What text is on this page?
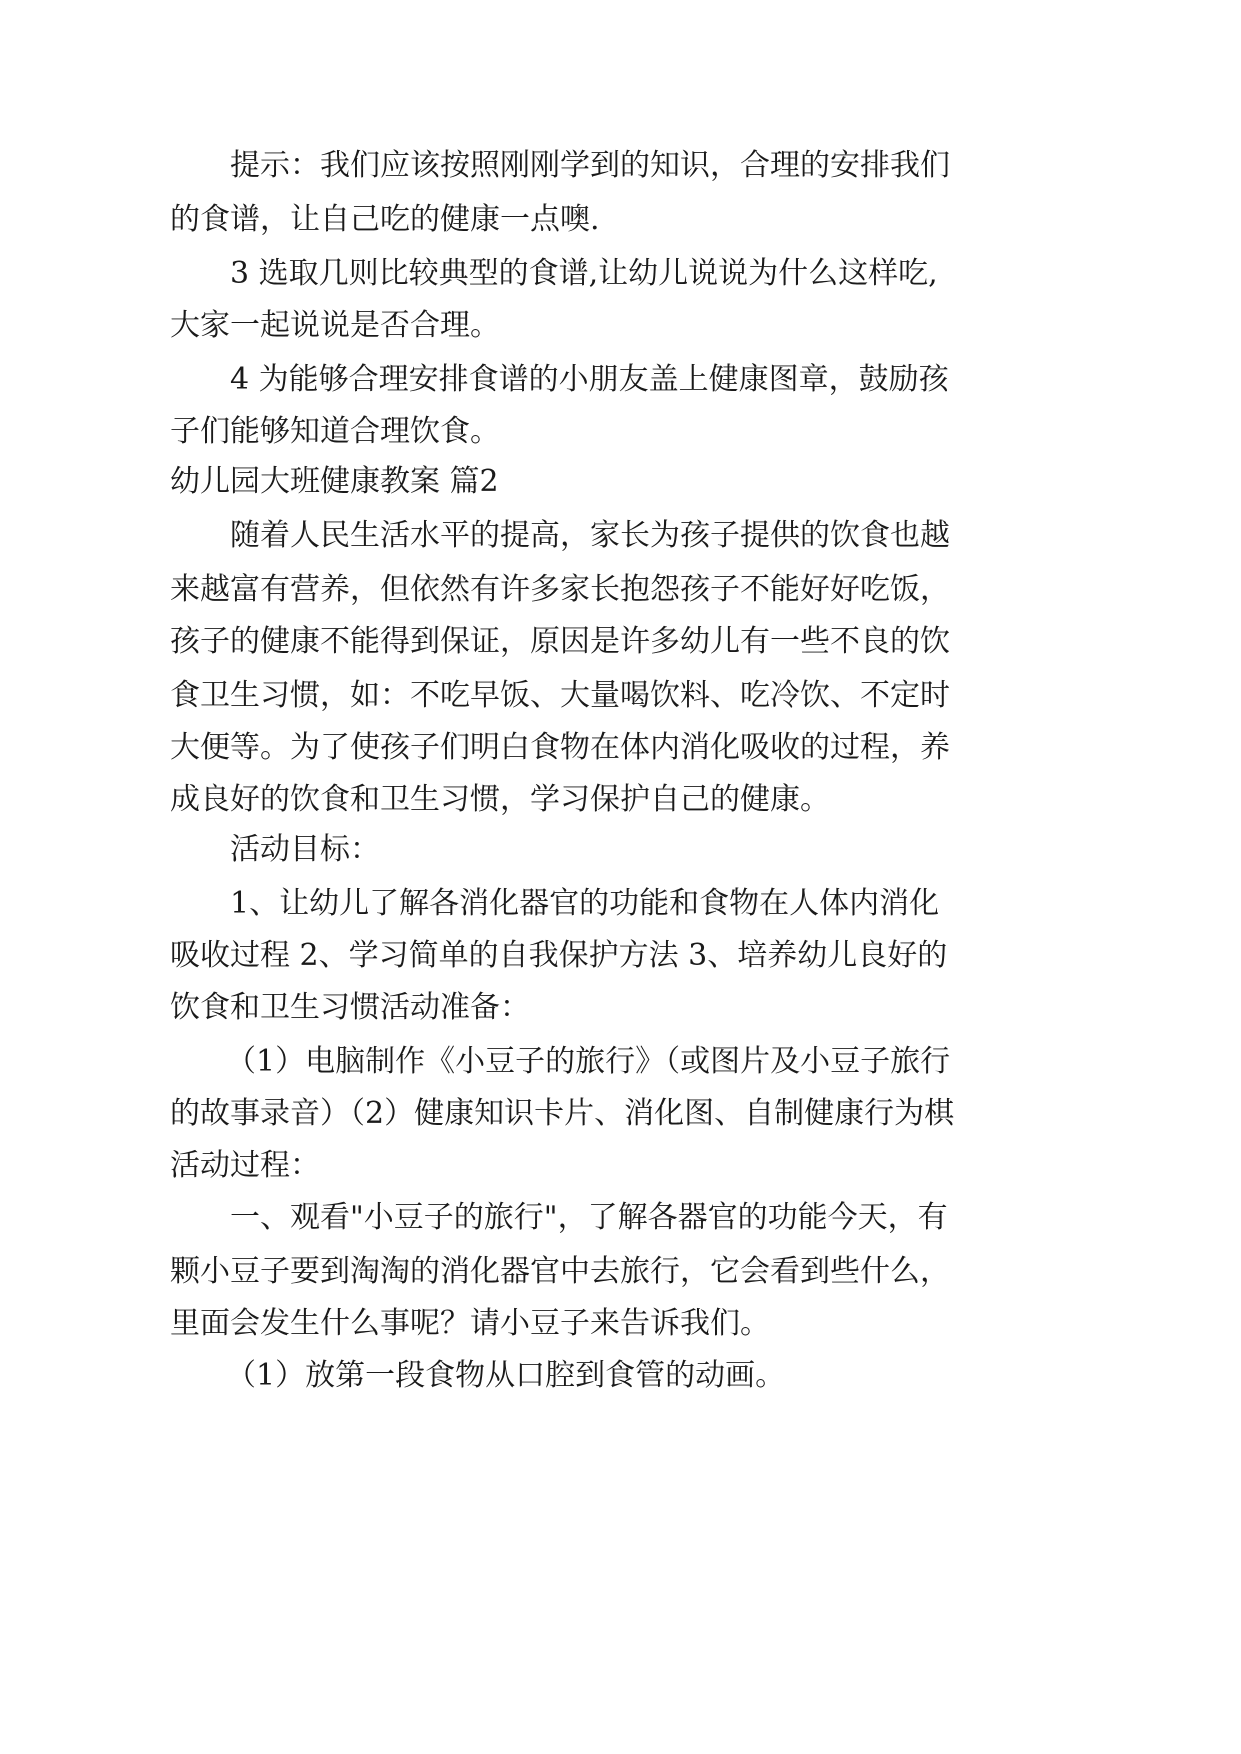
提示：我们应该按照刚刚学到的知识，合理的安排我们

的食谱，让自己吃的健康一点噢.

3 选取几则比较典型的食谱,让幼儿说说为什么这样吃,

大家一起说说是否合理。

4 为能够合理安排食谱的小朋友盖上健康图章，鼓励孩

子们能够知道合理饮食。

幼儿园大班健康教案 篇2

随着人民生活水平的提高，家长为孩子提供的饮食也越

来越富有营养，但依然有许多家长抱怨孩子不能好好吃饭，

孩子的健康不能得到保证，原因是许多幼儿有一些不良的饮

食卫生习惯，如：不吃早饭、大量喝饮料、吃冷饮、不定时

大便等。为了使孩子们明白食物在体内消化吸收的过程，养

成良好的饮食和卫生习惯，学习保护自己的健康。

活动目标：

1、让幼儿了解各消化器官的功能和食物在人体内消化

吸收过程 2、学习简单的自我保护方法 3、培养幼儿良好的

饮食和卫生习惯活动准备：

（1）电脑制作《小豆子的旅行》（或图片及小豆子旅行

的故事录音）（2）健康知识卡片、消化图、自制健康行为棋

活动过程：

一、观看"小豆子的旅行"，了解各器官的功能今天，有

颗小豆子要到淘淘的消化器官中去旅行，它会看到些什么，

里面会发生什么事呢？请小豆子来告诉我们。

（1）放第一段食物从口腔到食管的动画。
